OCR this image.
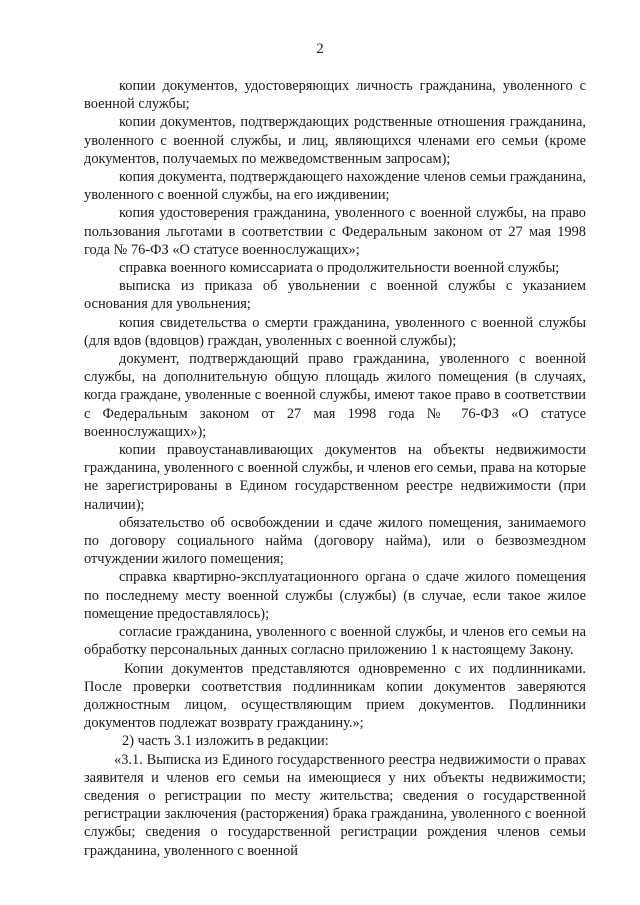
2

копии документов, удостоверяющих личность гражданина, уволенного с военной службы;

копии документов, подтверждающих родственные отношения гражданина, уволенного с военной службы, и лиц, являющихся членами его семьи (кроме документов, получаемых по межведомственным запросам);

копия документа, подтверждающего нахождение членов семьи гражданина, уволенного с военной службы, на его иждивении;

копия удостоверения гражданина, уволенного с военной службы, на право пользования льготами в соответствии с Федеральным законом от 27 мая 1998 года № 76-ФЗ «О статусе военнослужащих»;

справка военного комиссариата о продолжительности военной службы;

выписка из приказа об увольнении с военной службы с указанием основания для увольнения;

копия свидетельства о смерти гражданина, уволенного с военной службы (для вдов (вдовцов) граждан, уволенных с военной службы);

документ, подтверждающий право гражданина, уволенного с военной службы, на дополнительную общую площадь жилого помещения (в случаях, когда граждане, уволенные с военной службы, имеют такое право в соответствии с Федеральным законом от 27 мая 1998 года № 76-ФЗ «О статусе военнослужащих»);

копии правоустанавливающих документов на объекты недвижимости гражданина, уволенного с военной службы, и членов его семьи, права на которые не зарегистрированы в Едином государственном реестре недвижимости (при наличии);

обязательство об освобождении и сдаче жилого помещения, занимаемого по договору социального найма (договору найма), или о безвозмездном отчуждении жилого помещения;

справка квартирно-эксплуатационного органа о сдаче жилого помещения по последнему месту военной службы (службы) (в случае, если такое жилое помещение предоставлялось);

согласие гражданина, уволенного с военной службы, и членов его семьи на обработку персональных данных согласно приложению 1 к настоящему Закону.

Копии документов представляются одновременно с их подлинниками. После проверки соответствия подлинникам копии документов заверяются должностным лицом, осуществляющим прием документов. Подлинники документов подлежат возврату гражданину.»;

2) часть 3.1 изложить в редакции:

«3.1. Выписка из Единого государственного реестра недвижимости о правах заявителя и членов его семьи на имеющиеся у них объекты недвижимости; сведения о регистрации по месту жительства; сведения о государственной регистрации заключения (расторжения) брака гражданина, уволенного с военной службы; сведения о государственной регистрации рождения членов семьи гражданина, уволенного с военной
